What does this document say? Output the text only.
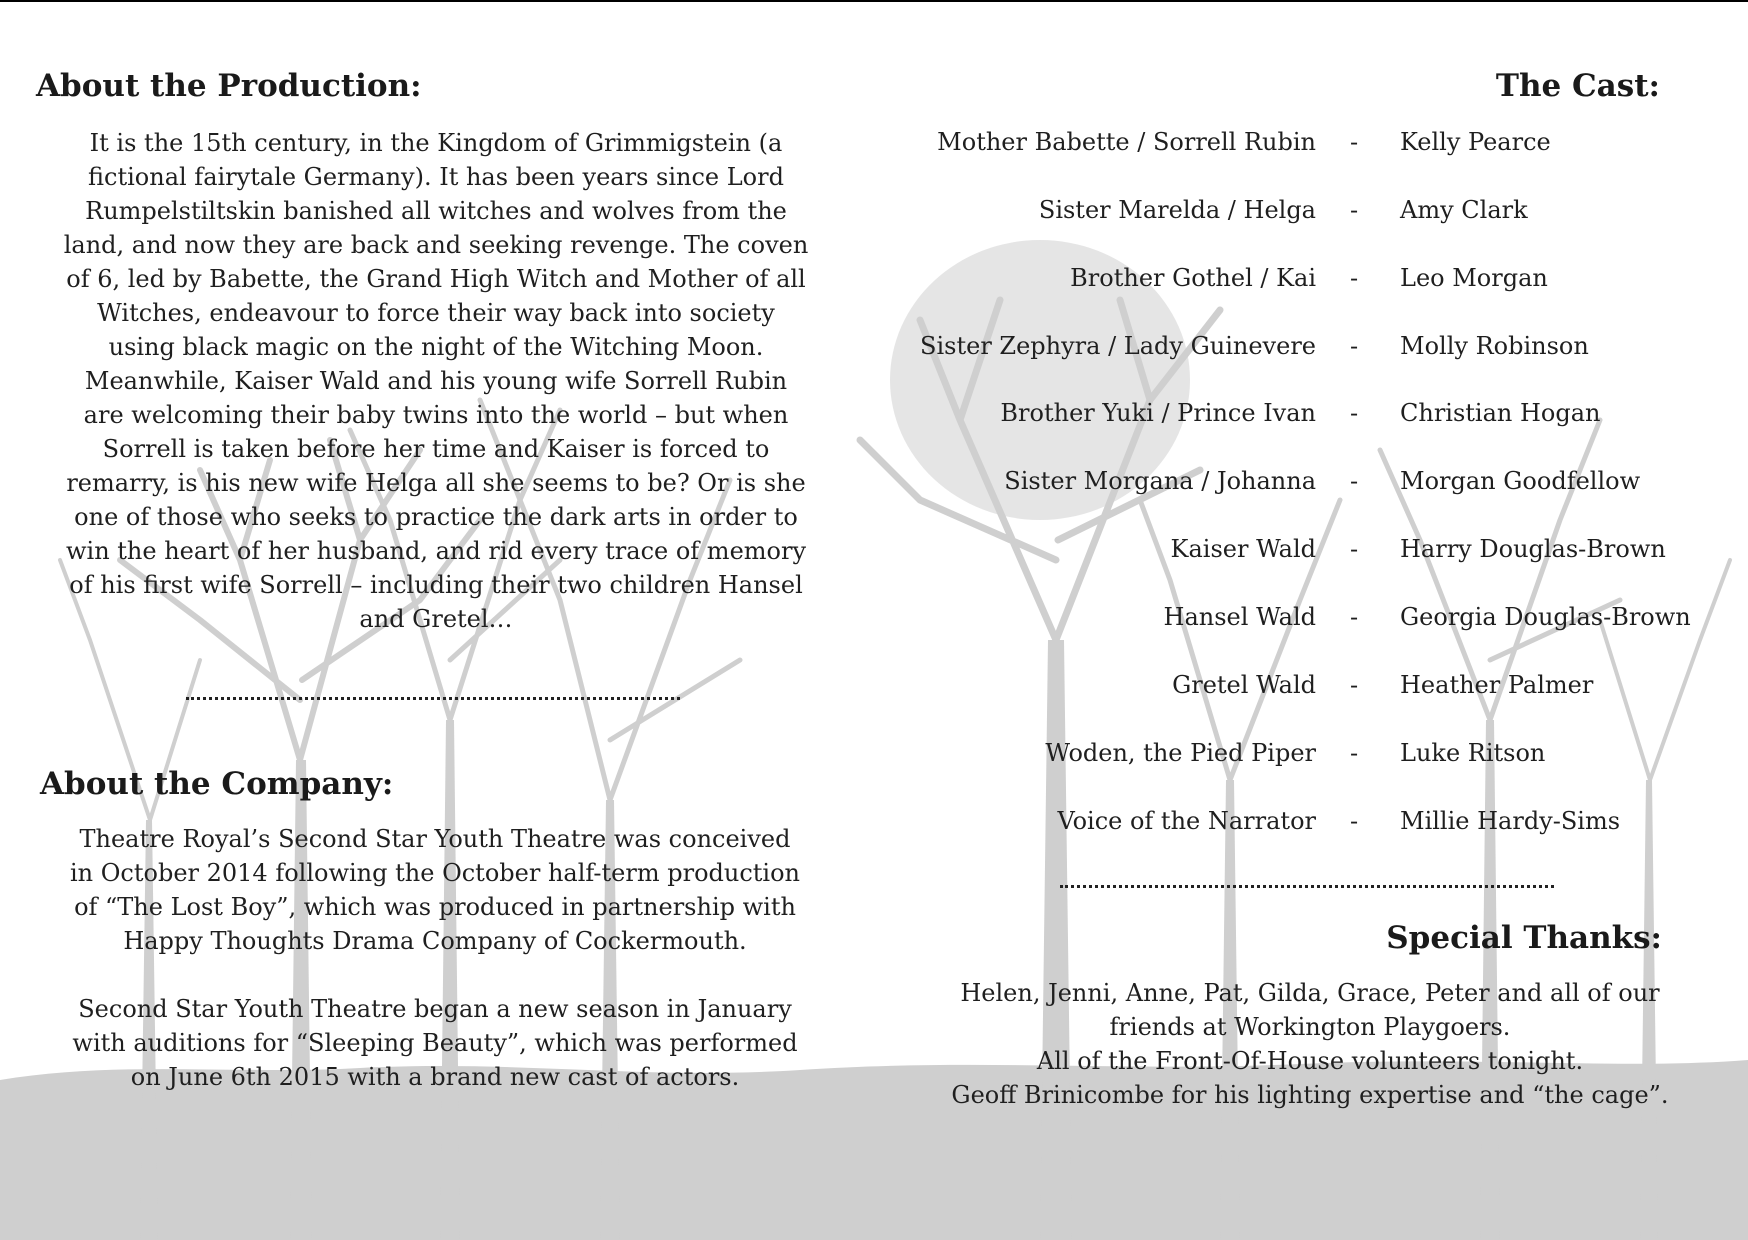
About the Production:

It is the 15th century, in the Kingdom of Grimmigstein (a fictional fairytale Germany). It has been years since Lord Rumpelstiltskin banished all witches and wolves from the land, and now they are back and seeking revenge. The coven of 6, led by Babette, the Grand High Witch and Mother of all Witches, endeavour to force their way back into society using black magic on the night of the Witching Moon. Meanwhile, Kaiser Wald and his young wife Sorrell Rubin are welcoming their baby twins into the world – but when Sorrell is taken before her time and Kaiser is forced to remarry, is his new wife Helga all she seems to be? Or is she one of those who seeks to practice the dark arts in order to win the heart of her husband, and rid every trace of memory of his first wife Sorrell – including their two children Hansel and Gretel…

About the Company:

Theatre Royal’s Second Star Youth Theatre was conceived in October 2014 following the October half-term production of “The Lost Boy”, which was produced in partnership with Happy Thoughts Drama Company of Cockermouth.

Second Star Youth Theatre began a new season in January with auditions for “Sleeping Beauty”, which was performed on June 6th 2015 with a brand new cast of actors.

The Cast:
Mother Babette / Sorrell Rubin - Kelly Pearce
Sister Marelda / Helga - Amy Clark
Brother Gothel / Kai - Leo Morgan
Sister Zephyra / Lady Guinevere - Molly Robinson
Brother Yuki / Prince Ivan - Christian Hogan
Sister Morgana / Johanna - Morgan Goodfellow
Kaiser Wald - Harry Douglas-Brown
Hansel Wald - Georgia Douglas-Brown
Gretel Wald - Heather Palmer
Woden, the Pied Piper - Luke Ritson
Voice of the Narrator - Millie Hardy-Sims
Special Thanks:
Helen, Jenni, Anne, Pat, Gilda, Grace, Peter and all of our
friends at Workington Playgoers.
All of the Front-Of-House volunteers tonight.
Geoff Brinicombe for his lighting expertise and “the cage”.
